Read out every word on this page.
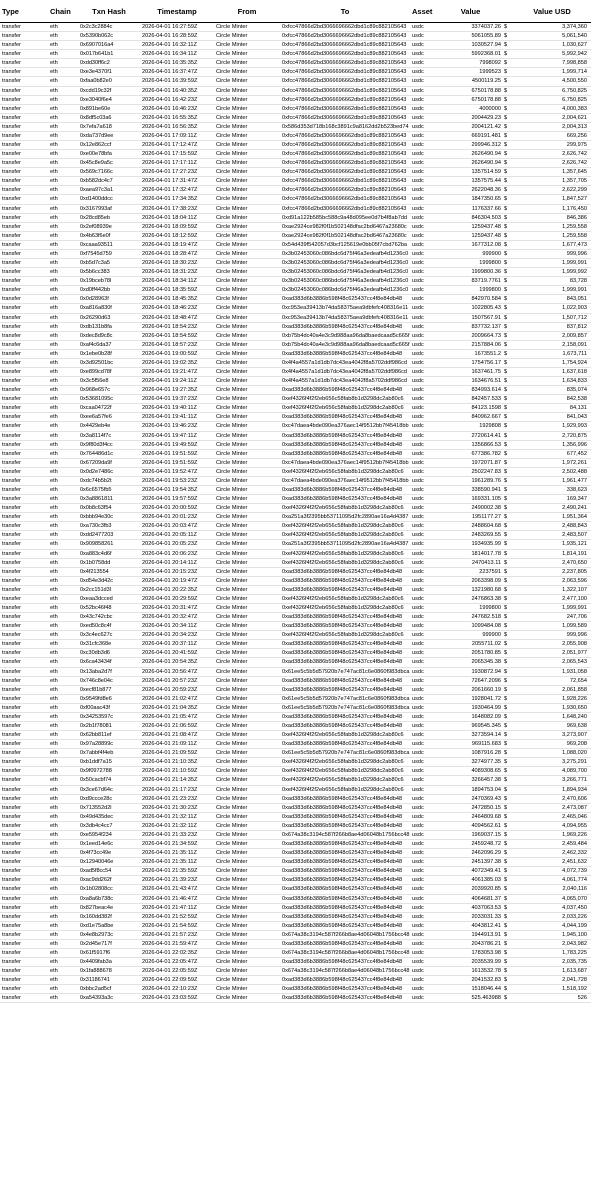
Type	Chain	Txn Hash	Timestamp	From	To	Asset	Value		Value USD
transfer	eth	0x2c3c2884c	2026-04-01 16:27:59Z	Circle Minter	0xfcc47866d2bd3066696662dbd1c89c882105643	usdc	3374037.26	$	3,374,360
transfer	eth	0x5390b062c	2026-04-01 16:28:59Z	Circle Minter	0xfcc47866d2bd3066696662dbd1c89c882105643	usdc	5061055.89	$	5,061,540
transfer	eth	0x6907016a4	2026-04-01 16:32:11Z	Circle Minter	0xfcc47866d2bd3066696662dbd1c89c882105643	usdc	1030527.94	$	1,030,627
transfer	eth	0x017b641b1	2026-04-01 16:34:11Z	Circle Minter	0xfcc47866d2bd3066696662dbd1c89c882105643	usdc	5992368.01	$	5,992,942
transfer	eth	0xdd30ff6c2	2026-04-01 16:35:35Z	Circle Minter	0xfcc47866d2bd3066696662dbd1c89c882105643	usdc	7998092	$	7,998,858
transfer	eth	0xe3e4370f1	2026-04-01 16:37:47Z	Circle Minter	0xfcc47866d2bd3066696662dbd1c89c882105643	usdc	1999523	$	1,999,714
transfer	eth	0xfaa0b82e0	2026-04-01 16:39:59Z	Circle Minter	0xfcc47866d2bd3066696662dbd1c89c882105643	usdc	4500119.25	$	4,500,550
transfer	eth	0xcdd19c32f	2026-04-01 16:40:35Z	Circle Minter	0xfcc47866d2bd3066696662dbd1c89c882105643	usdc	6750178.88	$	6,750,825
transfer	eth	0xe3040f6e4	2026-04-01 16:42:23Z	Circle Minter	0xfcc47866d2bd3066696662dbd1c89c882105643	usdc	6750178.88	$	6,750,825
transfer	eth	0x891be60e	2026-04-01 16:46:23Z	Circle Minter	0xfcc47866d2bd3066696662dbd1c89c882105643	usdc	4000000	$	4,000,383
transfer	eth	0x8df5c03a6	2026-04-01 16:55:35Z	Circle Minter	0xfcc47866d2bd3066696662dbd1c89c882105643	usdc	2004429.23	$	2,004,621
transfer	eth	0x7efa7a618	2026-04-01 16:56:35Z	Circle Minter	0x586d353d718b168c3891c9a8162dd2b523bed74	usdc	2004121.42	$	2,004,313
transfer	eth	0xda737d9ee	2026-04-01 17:09:11Z	Circle Minter	0xfcc47866d2bd3066696662dbd1c89c882105643	usdc	669191.481	$	669,256
transfer	eth	0x12e862ccf	2026-04-01 17:12:47Z	Circle Minter	0xfcc47866d2bd3066696662dbd1c89c882105643	usdc	299946.312	$	299,975
transfer	eth	0xe00e78bfa	2026-04-01 17:15:59Z	Circle Minter	0xfcc47866d2bd3066696662dbd1c89c882105643	usdc	2626490.94	$	2,626,742
transfer	eth	0x45c8e9a5c	2026-04-01 17:17:11Z	Circle Minter	0xfcc47866d2bd3066696662dbd1c89c882105643	usdc	2626490.94	$	2,626,742
transfer	eth	0x569c7166c	2026-04-01 17:27:23Z	Circle Minter	0xfcc47866d2bd3066696662dbd1c89c882105643	usdc	1357514.59	$	1,357,645
transfer	eth	0xb582dc4c7	2026-04-01 17:31:47Z	Circle Minter	0xfcc47866d2bd3066696662dbd1c89c882105643	usdc	1357575.44	$	1,357,705
transfer	eth	0xaea97c3a1	2026-04-01 17:32:47Z	Circle Minter	0xfcc47866d2bd3066696662dbd1c89c882105643	usdc	2622048.36	$	2,622,299
transfer	eth	0xd1400ddcc	2026-04-01 17:34:35Z	Circle Minter	0xfcc47866d2bd3066696662dbd1c89c882105643	usdc	1847350.65	$	1,847,527
transfer	eth	0x3167993af	2026-04-01 17:38:23Z	Circle Minter	0xfcc47866d2bd3066696662dbd1c89c882105643	usdc	1176337.66	$	1,176,450
transfer	eth	0x28cd85eb	2026-04-01 18:04:11Z	Circle Minter	0xd91a122b585bc588c9a48d095ee0d7b4f8ab7dd	usdc	846304.503	$	846,386
transfer	eth	0x2ef08939e	2026-04-01 18:09:59Z	Circle Minter	0xae2924ce982f0f1b502148dfac2bd6467a23680c	usdc	1259437.48	$	1,259,558
transfer	eth	0x4b63f6e0f	2026-04-01 18:12:59Z	Circle Minter	0xae2924ce982f0f1b502148dfac2bd6467a23680c	usdc	1259437.48	$	1,259,558
transfer	eth	0xcaaa93511	2026-04-01 18:19:47Z	Circle Minter	0x54d439f542057d3bcf125619e0bb05f7cbd762ba	usdc	1677312.08	$	1,677,473
transfer	eth	0xf7545d759	2026-04-01 18:28:47Z	Circle Minter	0x3b02453060c086bdc6d75f46a3edeafb4d1236c0	usdc	999900	$	999,996
transfer	eth	0xb5d7c3a5	2026-04-01 18:30:23Z	Circle Minter	0x3b02453060c086bdc6d75f46a3edeafb4d1236c0	usdc	1999800	$	1,999,991
transfer	eth	0x5b6cc383	2026-04-01 18:31:23Z	Circle Minter	0x3b02453060c086bdc6d75f46a3edeafb4d1236c0	usdc	1999800.36	$	1,999,992
transfer	eth	0x19bceb78l	2026-04-01 18:34:11Z	Circle Minter	0x3b02453060c086bdc6d75f46a3edeafb4d1236c0	usdc	83719.7761	$	83,728
transfer	eth	0xd0ff442bb	2026-04-01 18:35:59Z	Circle Minter	0x3b02453060c086bdc6d75f46a3edeafb4d1236c0	usdc	1999800	$	1,999,991
transfer	eth	0x0d28963f	2026-04-01 18:45:35Z	Circle Minter	0xad383d6b3886b598f48c625437cc4f8e84db48	usdc	842970.584	$	843,051
transfer	eth	0xa816a830f	2026-04-01 18:46:23Z	Circle Minter	0xc953ea39413b74da58375aea9dbfefc408316e11	usdc	1022805.43	$	1,022,903
transfer	eth	0x26290d63	2026-04-01 18:48:47Z	Circle Minter	0xc953ea39413b74da58375aea9dbfefc408316e11	usdc	1507567.91	$	1,507,712
transfer	eth	0xdb131b8fa	2026-04-01 18:54:23Z	Circle Minter	0xad383d6b3886b598f48c625437cc4f8e84db48	usdc	837732.137	$	837,812
transfer	eth	0xdec8d9c8c	2026-04-01 18:54:59Z	Circle Minter	0xb75b4dc40a4e3c9d988aa96da8baedcaad5c665f	usdc	2009664.73	$	2,009,857
transfer	eth	0xaf4c6da37	2026-04-01 18:57:23Z	Circle Minter	0xb75b4dc40a4e3c9d988aa96da8baedcaad5c665f	usdc	2157884.06	$	2,158,091
transfer	eth	0x1ebe0b28f	2026-04-01 19:00:59Z	Circle Minter	0xad383d6b3886b598f48c625437cc4f8e84db48	usdc	1673551.2	$	1,673,711
transfer	eth	0x3d92501bc	2026-04-01 19:02:35Z	Circle Minter	0x4f4a4557a1d1db7dc43ea4042f8a5702ddf986cd	usdc	1754756.17	$	1,754,924
transfer	eth	0xe899cd78f	2026-04-01 19:21:47Z	Circle Minter	0x4f4a4557a1d1db7dc43ea4042f8a5702ddf986cd	usdc	1637461.75	$	1,637,618
transfer	eth	0x3c5f56e8	2026-04-01 19:24:11Z	Circle Minter	0x4f4a4557a1d1db7dc43ea4042f8a5702ddf986cd	usdc	1634676.51	$	1,634,833
transfer	eth	0x968e657c	2026-04-01 19:27:35Z	Circle Minter	0xad383d6b3886b598f48c625437cc4f8e84db48	usdc	834993.614	$	835,074
transfer	eth	0x53681095c	2026-04-01 19:37:23Z	Circle Minter	0xef4326f4f2f2eb656c58fab8b1d3298dc2ab80c6	usdc	842457.533	$	842,538
transfer	eth	0xcaa04722f	2026-04-01 19:40:11Z	Circle Minter	0xef4326f4f2f2eb656c58fab8b1d3298dc2ab80c6	usdc	84123.1598	$	84,131
transfer	eth	0xee6a57fe6	2026-04-01 19:41:11Z	Circle Minter	0xad383d6b3886b598f48c625437cc4f8e84db48	usdc	840962.667	$	841,043
transfer	eth	0x4429eb4e	2026-04-01 19:46:23Z	Circle Minter	0xc47daea4bde090ea376aec14f9512bb7f45418bb	usdc	1929808	$	1,929,993
transfer	eth	0x3a8114f7c	2026-04-01 19:47:11Z	Circle Minter	0xad383d6b3886b598f48c625437cc4f8e84db48	usdc	2720614.41	$	2,720,875
transfer	eth	0x9f80d3f4cc	2026-04-01 19:49:59Z	Circle Minter	0xad383d6b3886b598f48c625437cc4f8e84db48	usdc	1356866.53	$	1,356,996
transfer	eth	0x764486d1c	2026-04-01 19:51:59Z	Circle Minter	0xad383d6b3886b598f48c625437cc4f8e84db48	usdc	677386.782	$	677,452
transfer	eth	0x67209da9f	2026-04-01 19:51:59Z	Circle Minter	0xc47daea4bde090ea376aec14f9512bb7f45418bb	usdc	1972071.87	$	1,972,261
transfer	eth	0x0d2e7486c	2026-04-01 19:52:47Z	Circle Minter	0xef4326f4f2f2eb656c58fab8b1d3298dc2ab80c6	usdc	2502247.83	$	2,502,488
transfer	eth	0xdc74b5b2t	2026-04-01 19:53:23Z	Circle Minter	0xc47daea4bde090ea376aec14f9512bb7f45418bb	usdc	1961289.76	$	1,961,477
transfer	eth	0x6c6575fb5	2026-04-01 19:54:35Z	Circle Minter	0xad383d6b3886b598f48c625437cc4f8e84db48	usdc	338590.941	$	338,623
transfer	eth	0x3a8861811	2026-04-01 19:57:59Z	Circle Minter	0xad383d6b3886b598f48c625437cc4f8e84db48	usdc	169331.105	$	169,347
transfer	eth	0x0b8c63f54	2026-04-01 20:00:59Z	Circle Minter	0xef4326f4f2f2eb656c58fab8b1d3298dc2ab80c6	usdc	2490002.38	$	2,490,241
transfer	eth	0xbbb94e30c	2026-04-01 20:01:23Z	Circle Minter	0xa251a3f2395bb53711095d2fc2890ae16a4d4387	usdc	1951177.27	$	1,951,364
transfer	eth	0xa730c3fb3	2026-04-01 20:03:47Z	Circle Minter	0xef4326f4f2f2eb656c58fab8b1d3298dc2ab80c6	usdc	2488604.68	$	2,488,843
transfer	eth	0xdd2477203	2026-04-01 20:05:11Z	Circle Minter	0xef4326f4f2f2eb656c58fab8b1d3298dc2ab80c6	usdc	2483269.55	$	2,483,507
transfer	eth	0x909858261	2026-04-01 20:05:23Z	Circle Minter	0xa251a3f2395bb53711095d2fc2890ae16a4d4387	usdc	1934935.99	$	1,935,121
transfer	eth	0xa883c4d6f	2026-04-01 20:06:23Z	Circle Minter	0xef4326f4f2f2eb656c58fab8b1d3298dc2ab80c6	usdc	1814017.78	$	1,814,191
transfer	eth	0x1b0758dd	2026-04-01 20:14:11Z	Circle Minter	0xef4326f4f2f2eb656c58fab8b1d3298dc2ab80c6	usdc	2470413.11	$	2,470,650
transfer	eth	0x4f213554	2026-04-01 20:15:23Z	Circle Minter	0xad383d6b3886b598f48c625437cc4f8e84db48	usdc	2237591	$	2,237,805
transfer	eth	0xd54e3d42c	2026-04-01 20:19:47Z	Circle Minter	0xad383d6b3886b598f48c625437cc4f8e84db48	usdc	2063398.09	$	2,063,596
transfer	eth	0x2cc151d3l	2026-04-01 20:22:35Z	Circle Minter	0xad383d6b3886b598f48c625437cc4f8e84db48	usdc	1321980.68	$	1,322,107
transfer	eth	0xeaa3dcced	2026-04-01 20:29:59Z	Circle Minter	0xef4326f4f2f2eb656c58fab8b1d3298dc2ab80c6	usdc	2476863.38	$	2,477,100
transfer	eth	0x52bc46f48	2026-04-01 20:31:47Z	Circle Minter	0xef4326f4f2f2eb656c58fab8b1d3298dc2ab80c6	usdc	1999800	$	1,999,991
transfer	eth	0x43c742cbc	2026-04-01 20:32:47Z	Circle Minter	0xad383d6b3886b598f48c625437cc4f8e84db48	usdc	247682.518	$	247,706
transfer	eth	0xed50c8c4f	2026-04-01 20:34:11Z	Circle Minter	0xad383d6b3886b598f48c625437cc4f8e84db48	usdc	1099484.08	$	1,099,589
transfer	eth	0x3c4ec627c	2026-04-01 20:34:23Z	Circle Minter	0xef4326f4f2f2eb656c58fab8b1d3298dc2ab80c6	usdc	999900	$	999,996
transfer	eth	0x31cfc368e	2026-04-01 20:37:11Z	Circle Minter	0xad383d6b3886b598f48c625437cc4f8e84db48	usdc	2055711.02	$	2,055,908
transfer	eth	0xc30db3d6	2026-04-01 20:41:59Z	Circle Minter	0xad383d6b3886b598f48c625437cc4f8e84db48	usdc	2051780.85	$	2,051,977
transfer	eth	0x6ca43434f	2026-04-01 20:54:35Z	Circle Minter	0xad383d6b3886b598f48c625437cc4f8e84db48	usdc	2065345.38	$	2,065,543
transfer	eth	0x13aba2d7f	2026-04-01 20:56:47Z	Circle Minter	0x61ee5c5b5d57920b7e747ac81c6e0860f983dbca	usdc	1930872.94	$	1,931,058
transfer	eth	0x746c8e04c	2026-04-01 20:57:23Z	Circle Minter	0xad383d6b3886b598f48c625437cc4f8e84db48	usdc	72647.2096	$	72,654
transfer	eth	0xecf81b877	2026-04-01 20:59:23Z	Circle Minter	0xad383d6b3886b598f48c625437cc4f8e84db48	usdc	2061660.19	$	2,061,858
transfer	eth	0x9549fd8e6	2026-04-01 21:02:47Z	Circle Minter	0x61ee5c5b5d57920b7e747ac81c6e0860f983dbca	usdc	1928041.72	$	1,928,226
transfer	eth	0xf00aac43f	2026-04-01 21:04:35Z	Circle Minter	0x61ee5c5b5d57920b7e747ac81c6e0860f983dbca	usdc	1930464.99	$	1,930,650
transfer	eth	0x34253597c	2026-04-01 21:05:47Z	Circle Minter	0xad383d6b3886b598f48c625437cc4f8e84db48	usdc	1648082.09	$	1,648,240
transfer	eth	0x2b1f78081	2026-04-01 21:06:59Z	Circle Minter	0xad383d6b3886b598f48c625437cc4f8e84db48	usdc	969545.345	$	969,638
transfer	eth	0x62bb811ef	2026-04-01 21:08:47Z	Circle Minter	0xef4326f4f2f2eb656c58fab8b1d3298dc2ab80c6	usdc	3273594.14	$	3,273,907
transfer	eth	0x97a28899c	2026-04-01 21:09:11Z	Circle Minter	0xad383d6b3886b598f48c625437cc4f8e84db48	usdc	969115.683	$	969,208
transfer	eth	0x7abbf4f4eb	2026-04-01 21:09:59Z	Circle Minter	0x61ee5c5b5d57920b7e747ac81c6e0860f983dbca	usdc	1087916.28	$	1,088,020
transfer	eth	0xb1ddf7a15	2026-04-01 21:10:35Z	Circle Minter	0xef4326f4f2f2eb656c58fab8b1d3298dc2ab80c6	usdc	3274977.35	$	3,275,291
transfer	eth	0x9f0972788	2026-04-01 21:10:59Z	Circle Minter	0xef4326f4f2f2eb656c58fab8b1d3298dc2ab80c6	usdc	4089308.65	$	4,089,700
transfer	eth	0x50cacbf74	2026-04-01 21:14:35Z	Circle Minter	0xef4326f4f2f2eb656c58fab8b1d3298dc2ab80c6	usdc	3266457.38	$	3,266,771
transfer	eth	0x3ce67d64c	2026-04-01 21:17:23Z	Circle Minter	0xef4326f4f2f2eb656c58fab8b1d3298dc2ab80c6	usdc	1894753.04	$	1,894,934
transfer	eth	0xd9ccce28c	2026-04-01 21:23:23Z	Circle Minter	0xad383d6b3886b598f48c625437cc4f8e84db48	usdc	2470369.43	$	2,470,606
transfer	eth	0x713552d2l	2026-04-01 21:30:23Z	Circle Minter	0xad383d6b3886b598f48c625437cc4f8e84db48	usdc	2472850.15	$	2,473,087
transfer	eth	0x49d435dec	2026-04-01 21:32:11Z	Circle Minter	0xad383d6b3886b598f48c625437cc4f8e84db48	usdc	2464809.68	$	2,465,046
transfer	eth	0x3db4c4cc7	2026-04-01 21:32:11Z	Circle Minter	0xad383d6b3886b598f48c625437cc4f8e84db48	usdc	4094562.61	$	4,094,955
transfer	eth	0xe5954f234	2026-04-01 21:33:23Z	Circle Minter	0x674a38c3194c587f266b8ae4d06048b1756bcc48	usdc	1969037.15	$	1,969,226
transfer	eth	0x1eed14e6c	2026-04-01 21:34:59Z	Circle Minter	0xad383d6b3886b598f48c625437cc4f8e84db48	usdc	2459248.72	$	2,459,484
transfer	eth	0x4f73cc49e	2026-04-01 21:35:11Z	Circle Minter	0xad383d6b3886b598f48c625437cc4f8e84db48	usdc	2462096.29	$	2,462,332
transfer	eth	0x12940046e	2026-04-01 21:35:11Z	Circle Minter	0xad383d6b3886b598f48c625437cc4f8e84db48	usdc	2451397.38	$	2,451,632
transfer	eth	0xad5f8cc54	2026-04-01 21:35:59Z	Circle Minter	0xad383d6b3886b598f48c625437cc4f8e84db48	usdc	4072349.41	$	4,072,739
transfer	eth	0xac9dd262f	2026-04-01 21:39:23Z	Circle Minter	0xad383d6b3886b598f48c625437cc4f8e84db48	usdc	4061385.03	$	4,061,774
transfer	eth	0x1b02808cc	2026-04-01 21:43:47Z	Circle Minter	0xad383d6b3886b598f48c625437cc4f8e84db48	usdc	2039920.85	$	2,040,116
transfer	eth	0xa8a6b738c	2026-04-01 21:46:47Z	Circle Minter	0xad383d6b3886b598f48c625437cc4f8e84db48	usdc	4064681.37	$	4,065,070
transfer	eth	0x827beac4e	2026-04-01 21:47:11Z	Circle Minter	0xad383d6b3886b598f48c625437cc4f8e84db48	usdc	4037063.53	$	4,037,450
transfer	eth	0x160dd382f	2026-04-01 21:52:59Z	Circle Minter	0xad383d6b3886b598f48c625437cc4f8e84db48	usdc	2033031.33	$	2,033,226
transfer	eth	0xd1e75a8be	2026-04-01 21:54:59Z	Circle Minter	0xad383d6b3886b598f48c625437cc4f8e84db48	usdc	4043812.41	$	4,044,199
transfer	eth	0x4e8b2973c	2026-04-01 21:57:23Z	Circle Minter	0x674a38c3194c587f266b8ae4d06048b1756bcc48	usdc	1944913.91	$	1,945,100
transfer	eth	0x2d45e717f	2026-04-01 21:59:47Z	Circle Minter	0xad383d6b3886b598f48c625437cc4f8e84db48	usdc	2043786.21	$	2,043,982
transfer	eth	0x61f5917f6	2026-04-01 22:02:35Z	Circle Minter	0x674a38c3194c587f266b8ae4d06048b1756bcc48	usdc	1783053.98	$	1,783,225
transfer	eth	0x4409fab3a	2026-04-01 22:05:47Z	Circle Minter	0xad383d6b3886b598f48c625437cc4f8e84db48	usdc	2035539.99	$	2,035,735
transfer	eth	0x1fa888678	2026-04-01 22:05:59Z	Circle Minter	0x674a38c3194c587f266b8ae4d06048b1756bcc48	usdc	1613532.78	$	1,613,687
transfer	eth	0x31186741	2026-04-01 22:09:59Z	Circle Minter	0xad383d6b3886b598f48c625437cc4f8e84db48	usdc	2041532.83	$	2,041,728
transfer	eth	0xbbc2ad5cf	2026-04-01 22:10:23Z	Circle Minter	0xad383d6b3886b598f48c625437cc4f8e84db48	usdc	1518046.44	$	1,518,192
transfer	eth	0xa54393a3c	2026-04-01 23:03:59Z	Circle Minter	0xad383d6b3886b598f48c625437cc4f8e84db48	usdc	525.463988	$	526
